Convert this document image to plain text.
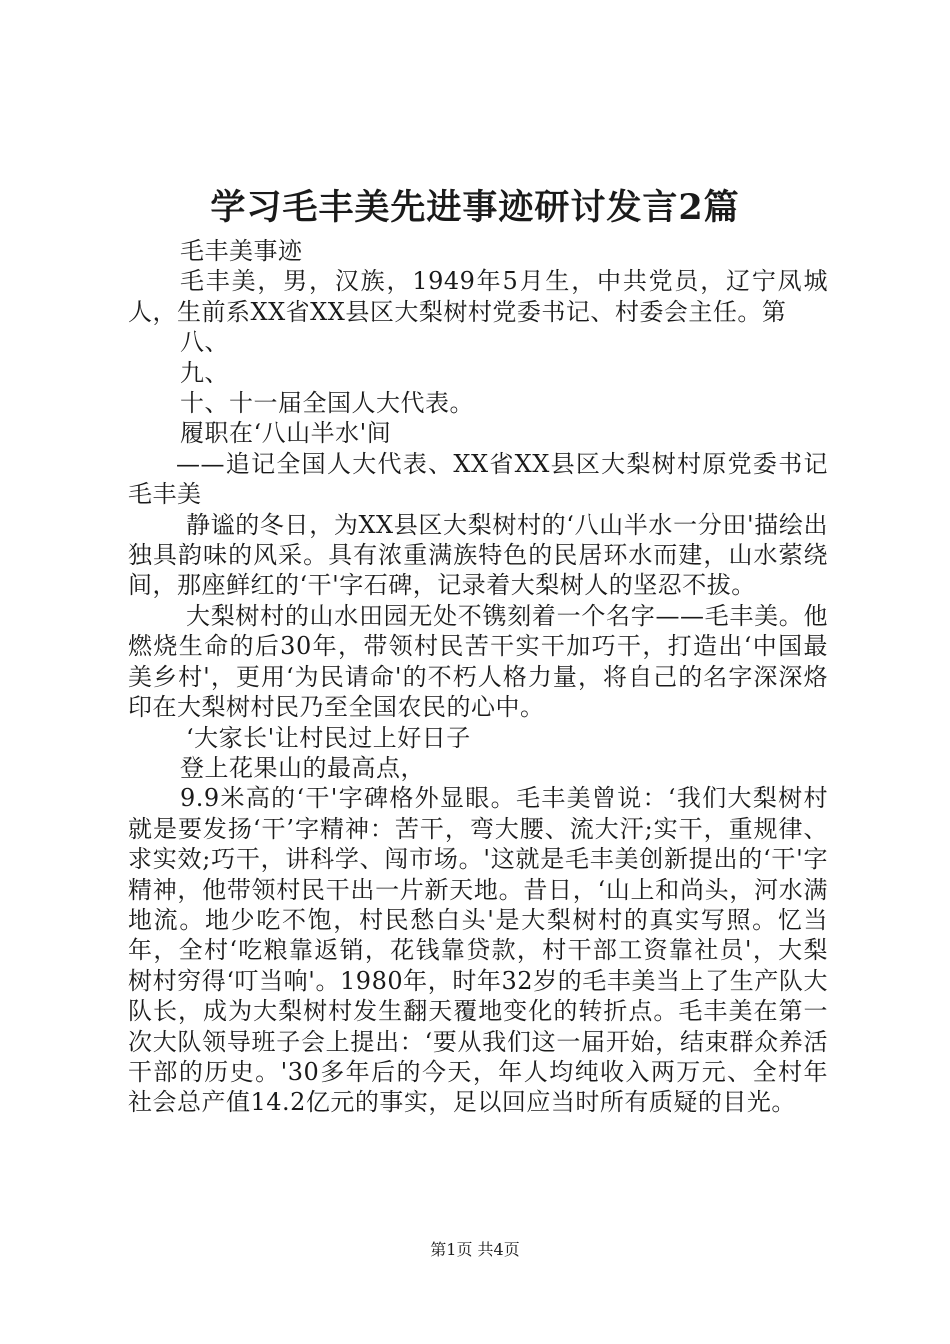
学习毛丰美先进事迹研讨发言2篇

毛丰美事迹

毛丰美，男，汉族，1949年5月生，中共党员，辽宁凤城人，生前系XX省XX县区大梨树村党委书记、村委会主任。第

八、

九、

十、十一届全国人大代表。

履职在‘八山半水'间

——追记全国人大代表、XX省XX县区大梨树村原党委书记毛丰美

静谧的冬日，为XX县区大梨树村的‘八山半水一分田'描绘出独具韵味的风采。具有浓重满族特色的民居环水而建，山水萦绕间，那座鲜红的‘干'字石碑，记录着大梨树人的坚忍不拔。

大梨树村的山水田园无处不镌刻着一个名字——毛丰美。他燃烧生命的后30年，带领村民苦干实干加巧干，打造出‘中国最美乡村'，更用‘为民请命'的不朽人格力量，将自己的名字深深烙印在大梨树村民乃至全国农民的心中。

‘大家长'让村民过上好日子

登上花果山的最高点，

9.9米高的‘干'字碑格外显眼。毛丰美曾说：‘我们大梨树村就是要发扬‘干’字精神：苦干，弯大腰、流大汗;实干，重规律、求实效;巧干，讲科学、闯市场。'这就是毛丰美创新提出的‘干'字精神，他带领村民干出一片新天地。昔日，‘山上和尚头，河水满地流。地少吃不饱，村民愁白头'是大梨树村的真实写照。忆当年，全村‘吃粮靠返销，花钱靠贷款，村干部工资靠社员'，大梨树村穷得‘叮当响'。1980年，时年32岁的毛丰美当上了生产队大队长，成为大梨树村发生翻天覆地变化的转折点。毛丰美在第一次大队领导班子会上提出：‘要从我们这一届开始，结束群众养活干部的历史。'30多年后的今天，年人均纯收入两万元、全村年社会总产值14.2亿元的事实，足以回应当时所有质疑的目光。

第1页 共4页
